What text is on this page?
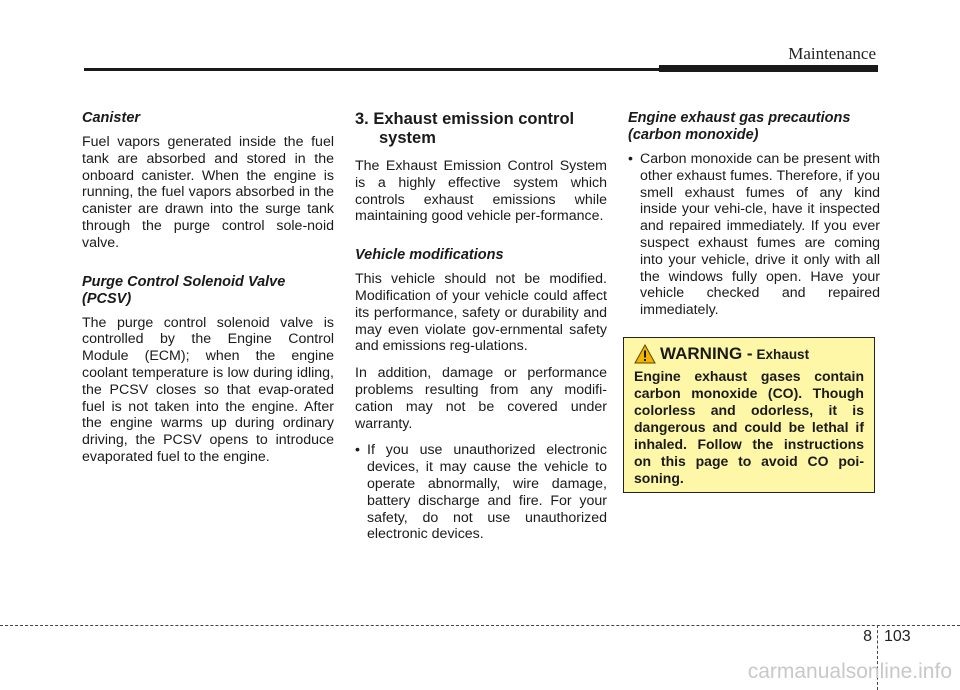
Maintenance
Canister

Fuel vapors generated inside the fuel tank are absorbed and stored in the onboard canister. When the engine is running, the fuel vapors absorbed in the canister are drawn into the surge tank through the purge control sole-noid valve.

Purge Control Solenoid Valve (PCSV)

The purge control solenoid valve is controlled by the Engine Control Module (ECM); when the engine coolant temperature is low during idling, the PCSV closes so that evap-orated fuel is not taken into the engine. After the engine warms up during ordinary driving, the PCSV opens to introduce evaporated fuel to the engine.

3. Exhaust emission control system

The Exhaust Emission Control System is a highly effective system which controls exhaust emissions while maintaining good vehicle per-formance.

Vehicle modifications

This vehicle should not be modified. Modification of your vehicle could affect its performance, safety or durability and may even violate gov-ernmental safety and emissions reg-ulations.

In addition, damage or performance problems resulting from any modifi-cation may not be covered under warranty.

• If you use unauthorized electronic devices, it may cause the vehicle to operate abnormally, wire damage, battery discharge and fire. For your safety, do not use unauthorized electronic devices.
Engine exhaust gas precautions (carbon monoxide)
• Carbon monoxide can be present with other exhaust fumes. Therefore, if you smell exhaust fumes of any kind inside your vehi-cle, have it inspected and repaired immediately. If you ever suspect exhaust fumes are coming into your vehicle, drive it only with all the windows fully open. Have your vehicle checked and repaired immediately.
WARNING - Exhaust

Engine exhaust gases contain carbon monoxide (CO). Though colorless and odorless, it is dangerous and could be lethal if inhaled. Follow the instructions on this page to avoid CO poi-soning.

8 103
carmanualsonline.info
